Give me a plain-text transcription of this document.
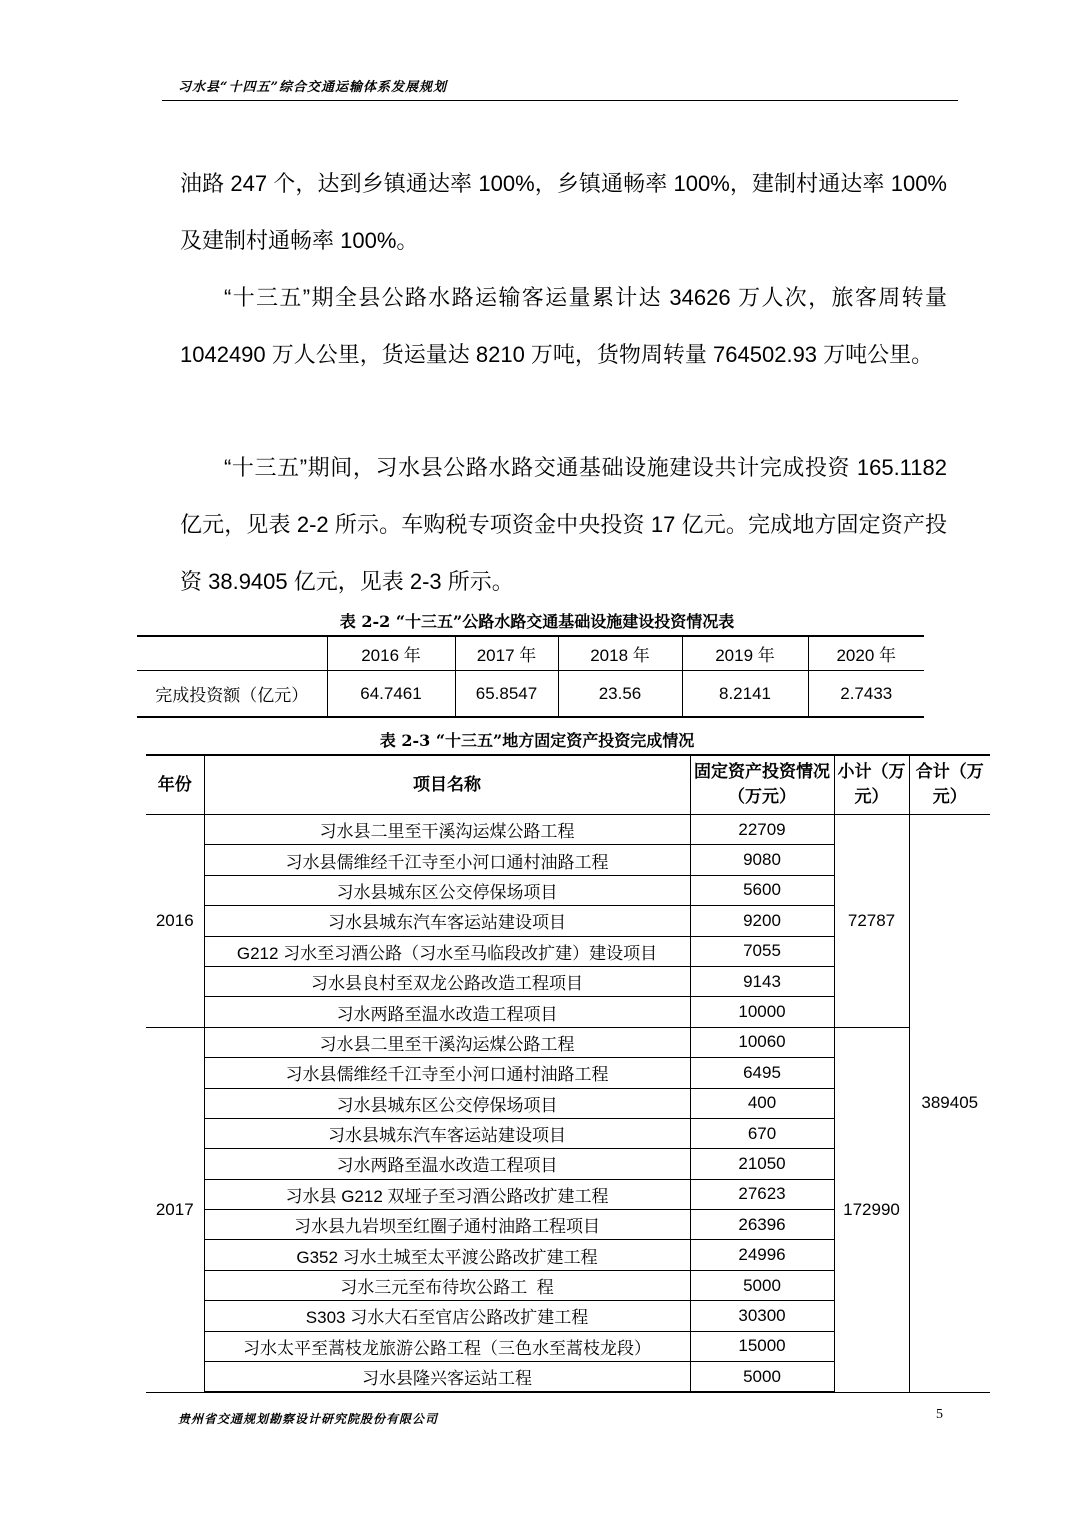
习水县“十四五”综合交通运输体系发展规划

油路 247 个，达到乡镇通达率 100%，乡镇通畅率 100%，建制村通达率 100%及建制村通畅率 100%。

“十三五”期全县公路水路运输客运量累计达 34626 万人次，旅客周转量 1042490 万人公里，货运量达 8210 万吨，货物周转量 764502.93 万吨公里。

“十三五”期间，习水县公路水路交通基础设施建设共计完成投资 165.1182 亿元，见表 2-2 所示。车购税专项资金中央投资 17 亿元。完成地方固定资产投资 38.9405 亿元，见表 2-3 所示。

表 2-2 “十三五”公路水路交通基础设施建设投资情况表
	2016 年	2017 年	2018 年	2019 年	2020 年
完成投资额（亿元）	64.7461	65.8547	23.56	8.2141	2.7433
表 2-3 “十三五”地方固定资产投资完成情况
年份	项目名称	固定资产投资情况（万元）	小计（万元）	合计（万元）
2016	习水县二里至干溪沟运煤公路工程	22709	72787	389405
	习水县儒维经千江寺至小河口通村油路工程	9080		
	习水县城东区公交停保场项目	5600		
	习水县城东汽车客运站建设项目	9200		
	G212 习水至习酒公路（习水至马临段改扩建）建设项目	7055		
	习水县良村至双龙公路改造工程项目	9143		
	习水两路至温水改造工程项目	10000		
2017	习水县二里至干溪沟运煤公路工程	10060	172990	
	习水县儒维经千江寺至小河口通村油路工程	6495		
	习水县城东区公交停保场项目	400		
	习水县城东汽车客运站建设项目	670		
	习水两路至温水改造工程项目	21050		
	习水县 G212 双垭子至习酒公路改扩建工程	27623		
	习水县九岩坝至红圈子通村油路工程项目	26396		
	G352 习水土城至太平渡公路改扩建工程	24996		
	习水三元至布待坎公路工  程	5000		
	S303 习水大石至官店公路改扩建工程	30300		
	习水太平至蒿枝龙旅游公路工程（三色水至蒿枝龙段）	15000		
	习水县隆兴客运站工程	5000		
贵州省交通规划勘察设计研究院股份有限公司	5
